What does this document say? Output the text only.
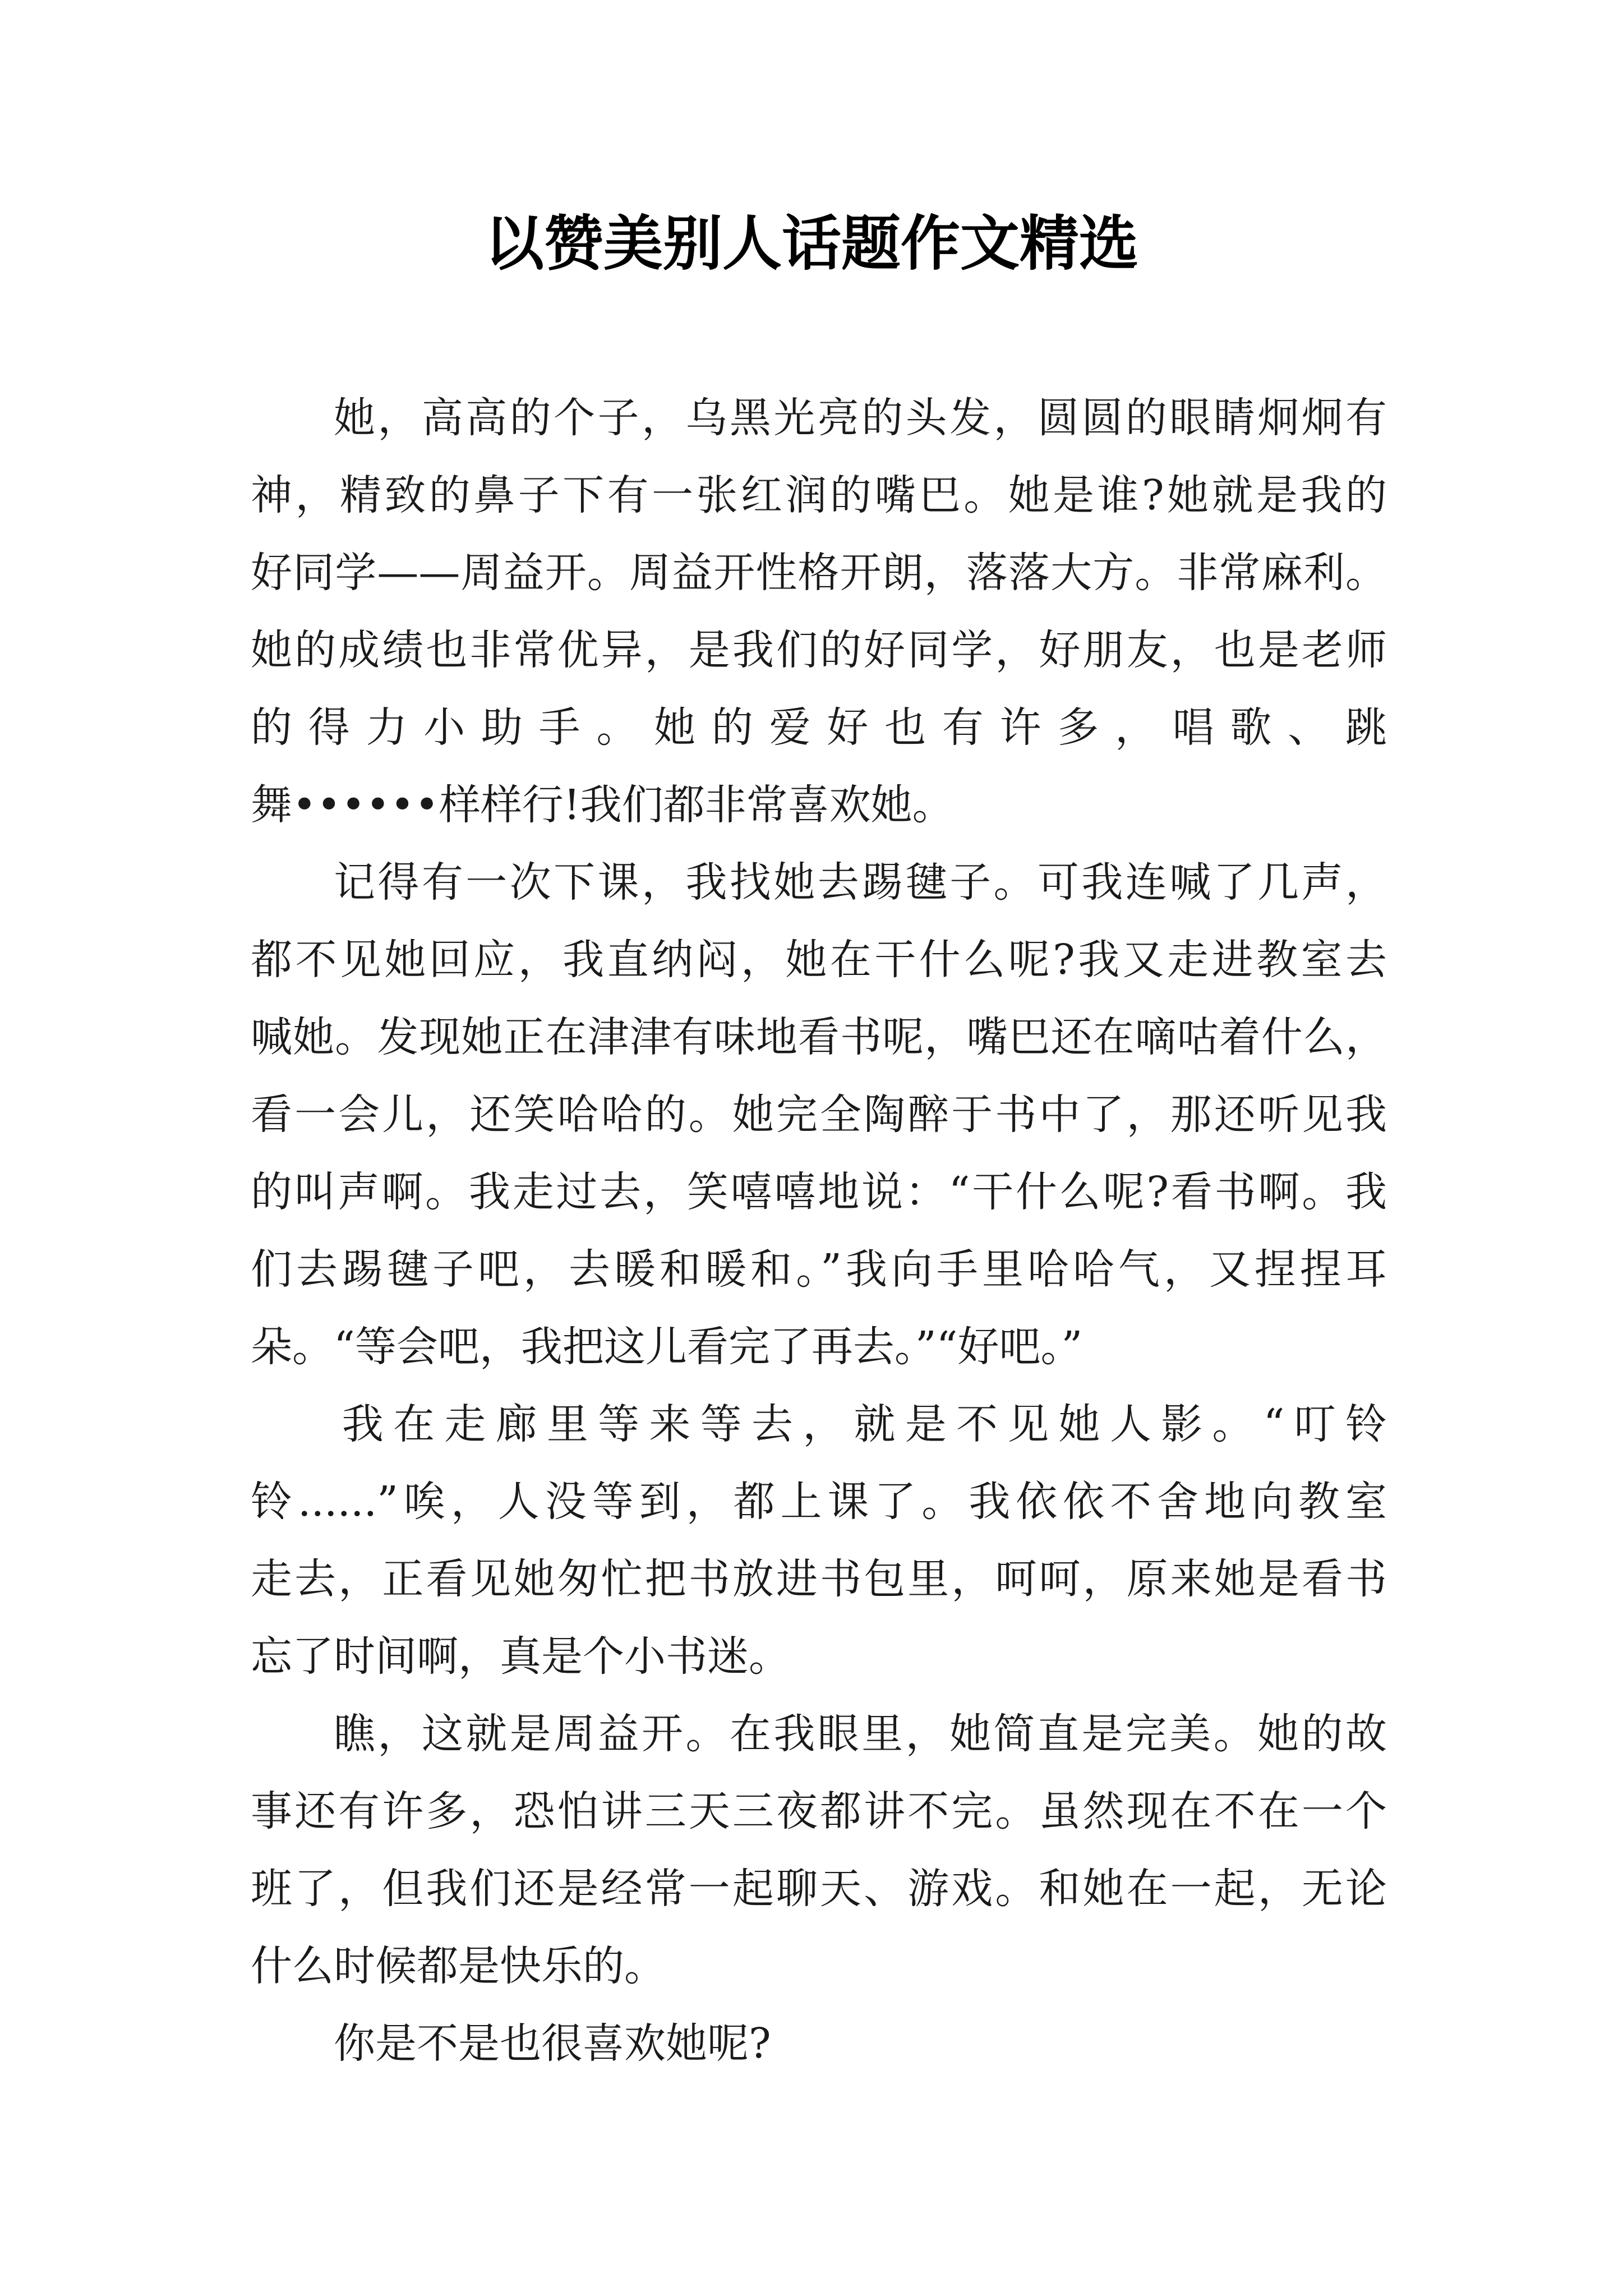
以赞美别人话题作文精选
她，高高的个子，乌黑光亮的头发，圆圆的眼睛炯炯有
神，精致的鼻子下有一张红润的嘴巴。她是谁?她就是我的
好同学——周益开。周益开性格开朗，落落大方。非常麻利。
她的成绩也非常优异，是我们的好同学，好朋友，也是老师
的得力小助手。她的爱好也有许多，唱歌、跳
舞••••••样样行!我们都非常喜欢她。
记得有一次下课，我找她去踢毽子。可我连喊了几声，
都不见她回应，我直纳闷，她在干什么呢?我又走进教室去
喊她。发现她正在津津有味地看书呢，嘴巴还在嘀咕着什么，
看一会儿，还笑哈哈的。她完全陶醉于书中了，那还听见我
的叫声啊。我走过去，笑嘻嘻地说：“干什么呢?看书啊。我
们去踢毽子吧，去暖和暖和。”我向手里哈哈气，又捏捏耳
朵。“等会吧，我把这儿看完了再去。”“好吧。”
我在走廊里等来等去，就是不见她人影。“叮铃
铃......”唉，人没等到，都上课了。我依依不舍地向教室
走去，正看见她匆忙把书放进书包里，呵呵，原来她是看书
忘了时间啊，真是个小书迷。
瞧，这就是周益开。在我眼里，她简直是完美。她的故
事还有许多，恐怕讲三天三夜都讲不完。虽然现在不在一个
班了，但我们还是经常一起聊天、游戏。和她在一起，无论
什么时候都是快乐的。
你是不是也很喜欢她呢?
